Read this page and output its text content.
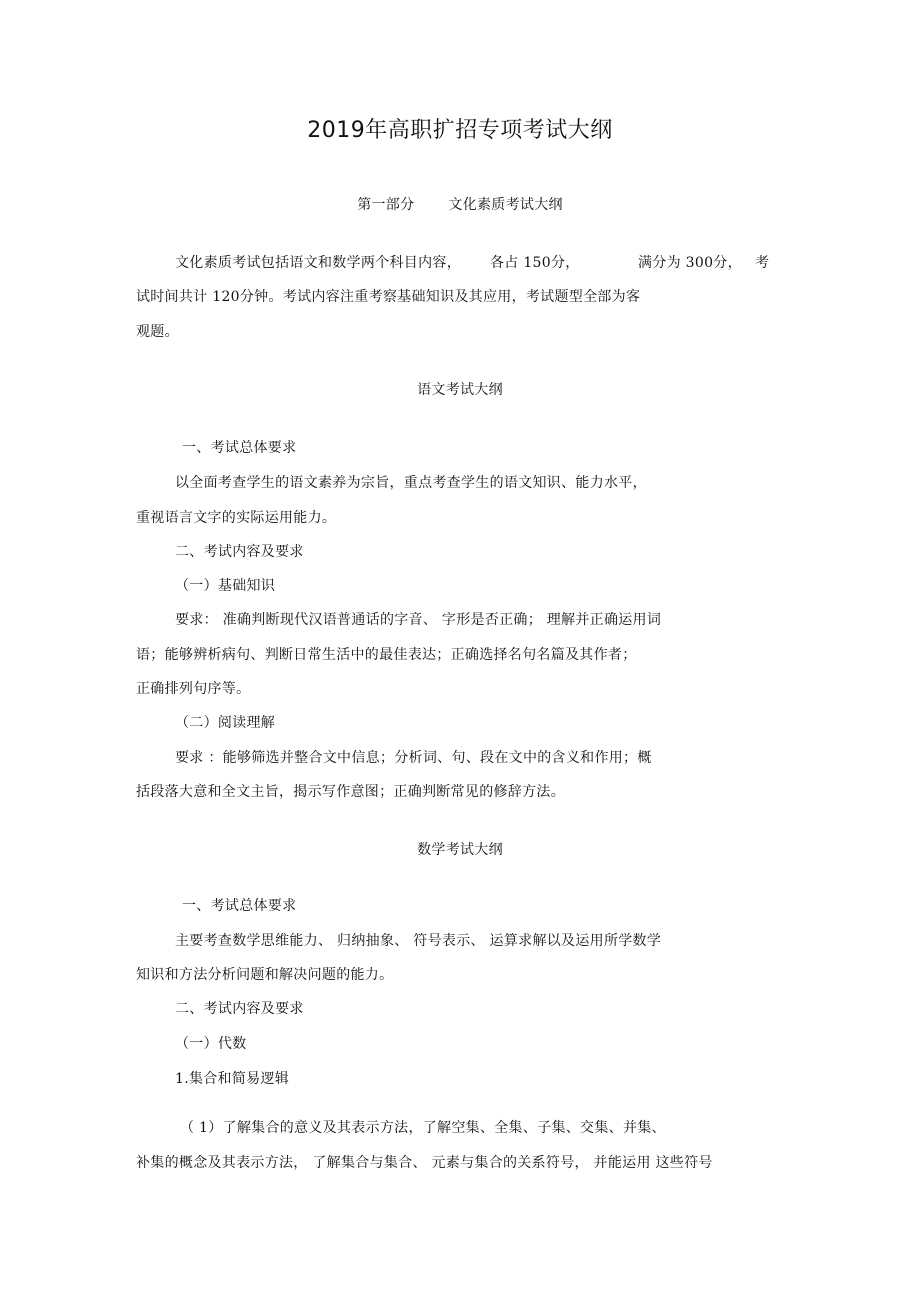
2019年高职扩招专项考试大纲
第一部分 文化素质考试大纲
文化素质考试包括语文和数学两个科目内容， 各占 150分，	满分为 300分， 考
试时间共计 120分钟。考试内容注重考察基础知识及其应用，考试题型全部为客
观题。
语文考试大纲
一、考试总体要求
以全面考查学生的语文素养为宗旨，重点考查学生的语文知识、能力水平，
重视语言文字的实际运用能力。
二、考试内容及要求
（一）基础知识
要求： 准确判断现代汉语普通话的字音、 字形是否正确； 理解并正确运用词
语；能够辨析病句、判断日常生活中的最佳表达；正确选择名句名篇及其作者；
正确排列句序等。
（二）阅读理解
要求 ：能够筛选并整合文中信息；分析词、句、段在文中的含义和作用；概
括段落大意和全文主旨，揭示写作意图；正确判断常见的修辞方法。
数学考试大纲
一、考试总体要求
主要考查数学思维能力、 归纳抽象、 符号表示、 运算求解以及运用所学数学
知识和方法分析问题和解决问题的能力。
二、考试内容及要求
（一）代数
1.集合和简易逻辑
（ 1）了解集合的意义及其表示方法，了解空集、全集、子集、交集、并集、
补集的概念及其表示方法， 了解集合与集合、 元素与集合的关系符号， 并能运用 这些符号
